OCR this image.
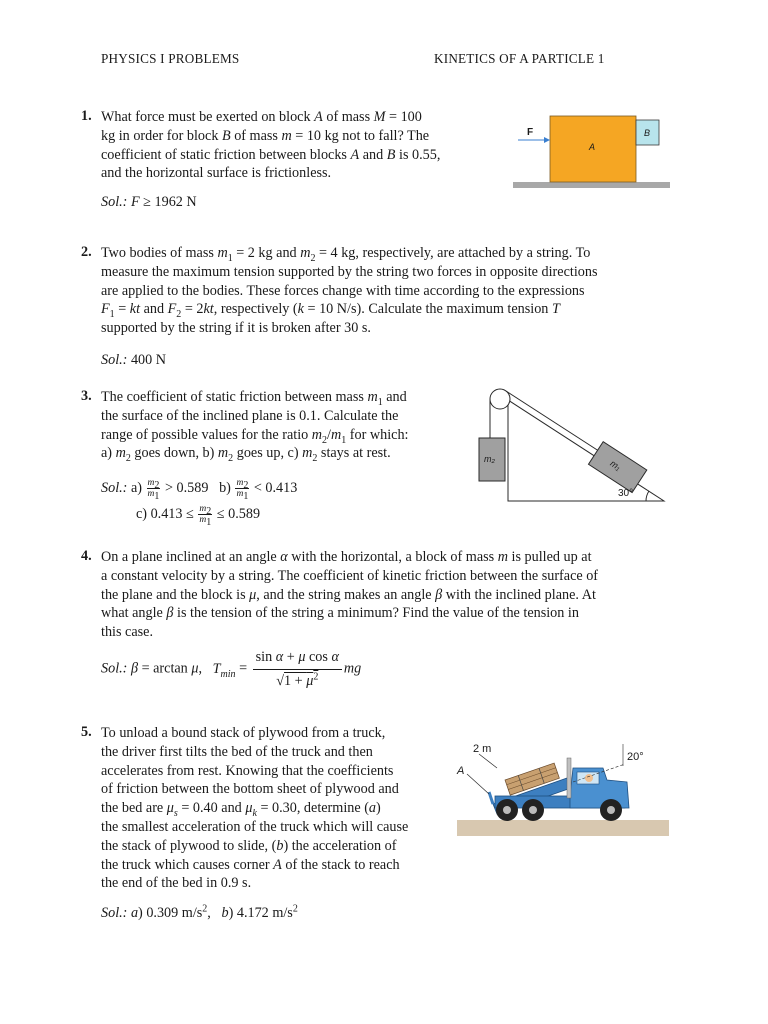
PHYSICS I PROBLEMS	KINETICS OF A PARTICLE 1
1. What force must be exerted on block A of mass M = 100
kg in order for block B of mass m = 10 kg not to fall? The
coefficient of static friction between blocks A and B is 0.55,
and the horizontal surface is frictionless.
Sol.: F ≥ 1962 N
F
A
B
2. Two bodies of mass $m_1 = 2$ kg and $m_2 = 4$ kg, respectively, are attached by a string. To
measure the maximum tension supported by the string two forces in opposite directions
are applied to the bodies. These forces change with time according to the expressions
$F_1$ = kt and $F_2 = 2kt$, respectively (k = 10 N/s). Calculate the maximum tension T
supported by the string if it is broken after 30 s.
Sol.: 400 N
3. The coefficient of static friction between mass $m_1$ and
the surface of the inclined plane is 0.1. Calculate the
range of possible values for the ratio $m_2/m_1$ for which:
a) $m_2$ goes down, b) $m_2$ goes up, c) $m_2$ stays at rest.
Sol.: $a) \frac{m_2}{m_1} > 0.589$   $b) \frac{m_2}{m_1} < 0.413$
c) $0.413 \le \frac{m_2}{m_1} \le 0.589$
m₁
m₂
30°
4. On a plane inclined at an angle α with the horizontal, a block of mass m is pulled up at
a constant velocity by a string. The coefficient of kinetic friction between the surface of
the plane and the block is μ, and the string makes an angle β with the inclined plane. At
what angle β is the tension of the string a minimum? Find the value of the tension in
this case.
Sol.: β = arctan μ,   $T_{min} = \frac{\text{sin α + μ cos α}}{√1 + \mu^2}$ mg
5. To unload a bound stack of plywood from a truck,
the driver first tilts the bed of the truck and then
accelerates from rest. Knowing that the coefficients
of friction between the bottom sheet of plywood and
the bed are $\mu_s = 0.40$ and $\mu_k = 0.30$, determine (a)
the smallest acceleration of the truck which will cause
the stack of plywood to slide, (b) the acceleration of
the truck which causes corner A of the stack to reach
the end of the bed in 0.9 s.
Sol.: a) 0.309 $m/s^2$,   b) 4.172 $m/s^2$
2 m
A
20°
